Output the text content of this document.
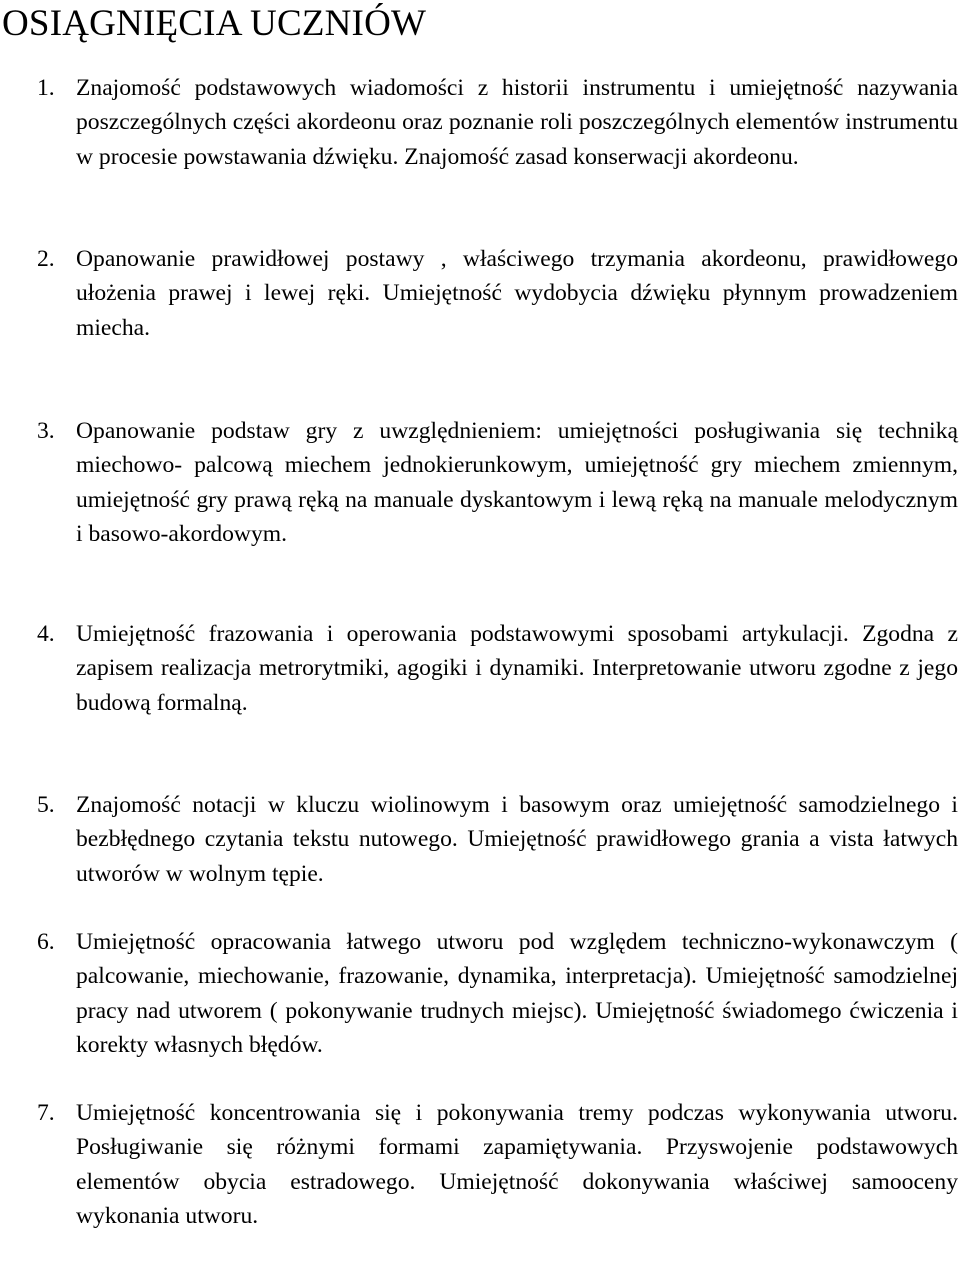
OSIĄGNIĘCIA UCZNIÓW
1. Znajomość podstawowych wiadomości z historii instrumentu i umiejętność nazywania poszczególnych części akordeonu oraz poznanie roli poszczególnych elementów instrumentu w procesie powstawania dźwięku. Znajomość zasad konserwacji akordeonu.
2. Opanowanie prawidłowej postawy , właściwego trzymania akordeonu, prawidłowego ułożenia prawej i lewej ręki. Umiejętność wydobycia dźwięku płynnym prowadzeniem miecha.
3. Opanowanie podstaw gry z uwzględnieniem: umiejętności posługiwania się techniką miechowo- palcową miechem jednokierunkowym, umiejętność gry miechem zmiennym, umiejętność gry prawą ręką na manuale dyskantowym i lewą ręką na manuale melodycznym i basowo-akordowym.
4. Umiejętność frazowania i operowania podstawowymi sposobami artykulacji. Zgodna z zapisem realizacja metrorytmiki, agogiki i dynamiki. Interpretowanie utworu zgodne z jego budową formalną.
5. Znajomość notacji w kluczu wiolinowym i basowym oraz umiejętność samodzielnego i bezbłędnego czytania tekstu nutowego. Umiejętność prawidłowego grania a vista łatwych utworów w wolnym tępie.
6. Umiejętność opracowania łatwego utworu pod względem techniczno-wykonawczym ( palcowanie, miechowanie, frazowanie, dynamika, interpretacja). Umiejętność samodzielnej pracy nad utworem ( pokonywanie trudnych miejsc). Umiejętność świadomego ćwiczenia i korekty własnych błędów.
7. Umiejętność koncentrowania się i pokonywania tremy podczas wykonywania utworu. Posługiwanie się różnymi formami zapamiętywania. Przyswojenie podstawowych elementów obycia estradowego. Umiejętność dokonywania właściwej samooceny wykonania utworu.
